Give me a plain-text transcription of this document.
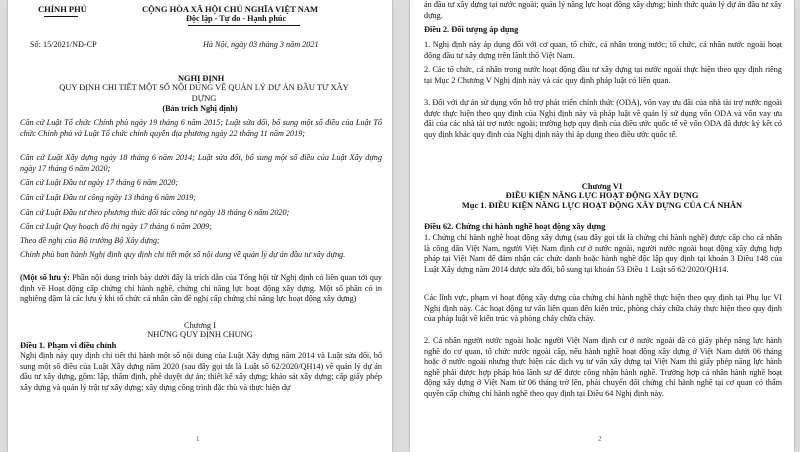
CHÍNH PHỦ	CỘNG HÒA XÃ HỘI CHỦ NGHĨA VIỆT NAM
Độc lập - Tự do - Hạnh phúc
Số: 15/2021/NĐ-CP	Hà Nội, ngày 03 tháng 3 năm 2021
NGHỊ ĐỊNH
QUY ĐỊNH CHI TIẾT MỘT SỐ NỘI DUNG VỀ QUẢN LÝ DỰ ÁN ĐẦU TƯ XÂY DỰNG
(Bản trích Nghị định)
Căn cứ Luật Tổ chức Chính phủ ngày 19 tháng 6 năm 2015; Luật sửa đổi, bổ sung một số điều của Luật Tổ chức Chính phủ và Luật Tổ chức chính quyền địa phương ngày 22 tháng 11 năm 2019;
Căn cứ Luật Xây dựng ngày 18 tháng 6 năm 2014; Luật sửa đổi, bổ sung một số điều của Luật Xây dựng ngày 17 tháng 6 năm 2020;
Căn cứ Luật Đầu tư ngày 17 tháng 6 năm 2020;
Căn cứ Luật Đầu tư công ngày 13 tháng 6 năm 2019;
Căn cứ Luật Đầu tư theo phương thức đối tác công tư ngày 18 tháng 6 năm 2020;
Căn cứ Luật Quy hoạch đô thị ngày 17 tháng 6 năm 2009;
Theo đề nghị của Bộ trưởng Bộ Xây dựng;
Chính phủ ban hành Nghị định quy định chi tiết một số nội dung về quản lý dự án đầu tư xây dựng.
(Một số lưu ý: Phần nội dung trình bày dưới đây là trích dẫn của Tổng hội từ Nghị định có liên quan tới quy định về Hoạt động cấp chứng chỉ hành nghề, chứng chỉ năng lực hoạt động xây dựng. Một số phần có in nghiêng đậm là các lưu ý khi tổ chức cá nhân cần đề nghị cấp chứng chỉ năng lực hoạt động xây dựng)
Chương I
NHỮNG QUY ĐỊNH CHUNG
Điều 1. Phạm vi điều chỉnh
Nghị định này quy định chi tiết thi hành một số nội dung của Luật Xây dựng năm 2014 và Luật sửa đổi, bổ sung một số điều của Luật Xây dựng năm 2020 (sau đây gọi tắt là Luật số 62/2020/QH14) về quản lý dự án đầu tư xây dựng, gồm: lập, thẩm định, phê duyệt dự án; thiết kế xây dựng; khảo sát xây dựng; cấp giấy phép xây dựng và quản lý trật tự xây dựng; xây dựng công trình đặc thù và thực hiện dự
1
án đầu tư xây dựng tại nước ngoài; quản lý năng lực hoạt động xây dựng; hình thức quản lý dự án đầu tư xây dựng.
Điều 2. Đối tượng áp dụng
1. Nghị định này áp dụng đối với cơ quan, tổ chức, cá nhân trong nước; tổ chức, cá nhân nước ngoài hoạt động đầu tư xây dựng trên lãnh thổ Việt Nam.
2. Các tổ chức, cá nhân trong nước hoạt động đầu tư xây dựng tại nước ngoài thực hiện theo quy định riêng tại Mục 2 Chương V Nghị định này và các quy định pháp luật có liên quan.
3. Đối với dự án sử dụng vốn hỗ trợ phát triển chính thức (ODA), vốn vay ưu đãi của nhà tài trợ nước ngoài được thực hiện theo quy định của Nghị định này và pháp luật về quản lý sử dụng vốn ODA và vốn vay ưu đãi của các nhà tài trợ nước ngoài; trường hợp quy định của điều ước quốc tế về vốn ODA đã được ký kết có quy định khác quy định của Nghị định này thì áp dụng theo điều ước quốc tế.
Chương VI
ĐIỀU KIỆN NĂNG LỰC HOẠT ĐỘNG XÂY DỰNG
Mục 1. ĐIỀU KIỆN NĂNG LỰC HOẠT ĐỘNG XÂY DỰNG CỦA CÁ NHÂN
Điều 62. Chứng chỉ hành nghề hoạt động xây dựng
1. Chứng chỉ hành nghề hoạt động xây dựng (sau đây gọi tắt là chứng chỉ hành nghề) được cấp cho cá nhân là công dân Việt Nam, người Việt Nam định cư ở nước ngoài, người nước ngoài hoạt động xây dựng hợp pháp tại Việt Nam để đảm nhận các chức danh hoặc hành nghề độc lập quy định tại khoản 3 Điều 148 của Luật Xây dựng năm 2014 được sửa đổi, bổ sung tại khoản 53 Điều 1 Luật số 62/2020/QH14.
Các lĩnh vực, phạm vi hoạt động xây dựng của chứng chỉ hành nghề thực hiện theo quy định tại Phụ lục VI Nghị định này. Các hoạt động tư vấn liên quan đến kiến trúc, phòng cháy chữa cháy thực hiện theo quy định của pháp luật về kiến trúc và phòng cháy chữa cháy.
2. Cá nhân người nước ngoài hoặc người Việt Nam định cư ở nước ngoài đã có giấy phép năng lực hành nghề do cơ quan, tổ chức nước ngoài cấp, nếu hành nghề hoạt động xây dựng ở Việt Nam dưới 06 tháng hoặc ở nước ngoài nhưng thực hiện các dịch vụ tư vấn xây dựng tại Việt Nam thì giấy phép năng lực hành nghề phải được hợp pháp hóa lãnh sự để được công nhận hành nghề. Trường hợp cá nhân hành nghề hoạt động xây dựng ở Việt Nam từ 06 tháng trở lên, phải chuyển đổi chứng chỉ hành nghề tại cơ quan có thẩm quyền cấp chứng chỉ hành nghề theo quy định tại Điều 64 Nghị định này.
2
